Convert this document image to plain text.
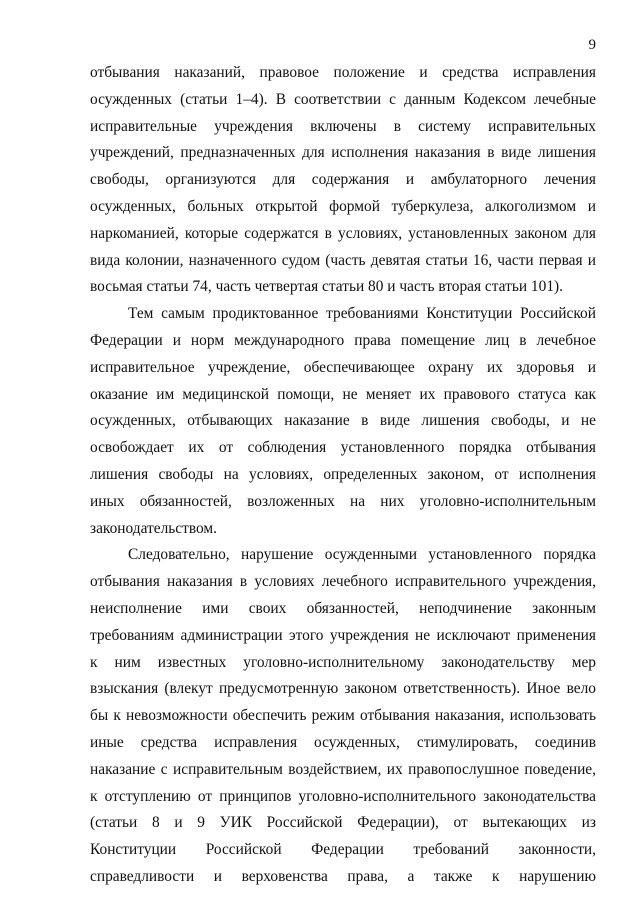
9
отбывания наказаний, правовое положение и средства исправления
осужденных (статьи 1–4). В соответствии с данным Кодексом лечебные
исправительные учреждения включены в систему исправительных
учреждений, предназначенных для исполнения наказания в виде лишения
свободы, организуются для содержания и амбулаторного лечения
осужденных, больных открытой формой туберкулеза, алкоголизмом и
наркоманией, которые содержатся в условиях, установленных законом для
вида колонии, назначенного судом (часть девятая статьи 16, части первая и
восьмая статьи 74, часть четвертая статьи 80 и часть вторая статьи 101).
Тем самым продиктованное требованиями Конституции Российской
Федерации и норм международного права помещение лиц в лечебное
исправительное учреждение, обеспечивающее охрану их здоровья и
оказание им медицинской помощи, не меняет их правового статуса как
осужденных, отбывающих наказание в виде лишения свободы, и не
освобождает их от соблюдения установленного порядка отбывания
лишения свободы на условиях, определенных законом, от исполнения
иных обязанностей, возложенных на них уголовно-исполнительным
законодательством.
Следовательно, нарушение осужденными установленного порядка
отбывания наказания в условиях лечебного исправительного учреждения,
неисполнение ими своих обязанностей, неподчинение законным
требованиям администрации этого учреждения не исключают применения
к ним известных уголовно-исполнительному законодательству мер
взыскания (влекут предусмотренную законом ответственность). Иное вело
бы к невозможности обеспечить режим отбывания наказания, использовать
иные средства исправления осужденных, стимулировать, соединив
наказание с исправительным воздействием, их правопослушное поведение,
к отступлению от принципов уголовно-исполнительного законодательства
(статьи 8 и 9 УИК Российской Федерации), от вытекающих из
Конституции Российской Федерации требований законности,
справедливости и верховенства права, а также к нарушению
